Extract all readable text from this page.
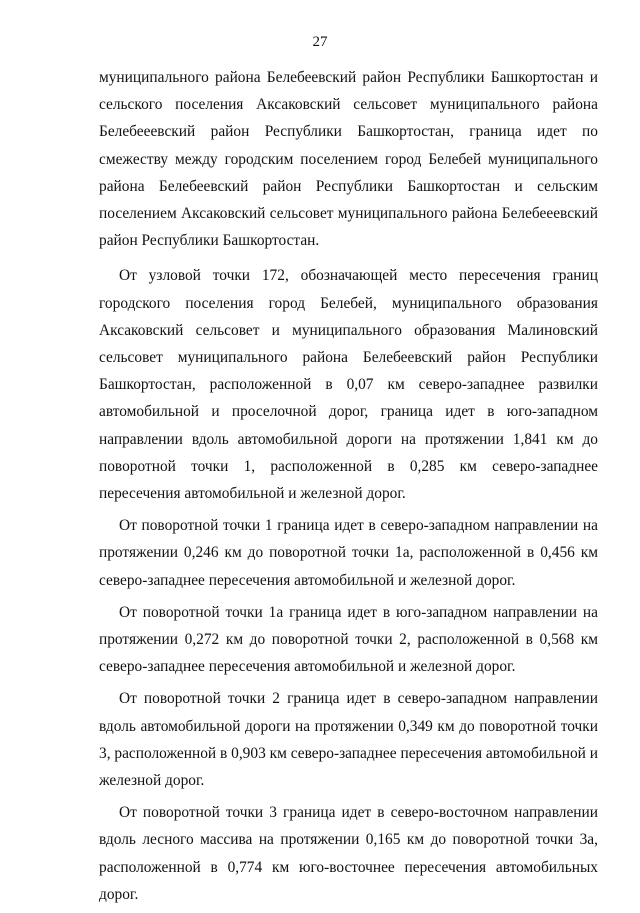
27

муниципального района Белебеевский район Республики Башкортостан и сельского поселения Аксаковский сельсовет муниципального района Белебееевский район Республики Башкортостан, граница идет по смежеству между городским поселением город Белебей муниципального района Белебеевский район Республики Башкортостан и сельским поселением Аксаковский сельсовет муниципального района Белебееевский район Республики Башкортостан.

От узловой точки 172, обозначающей место пересечения границ городского поселения город Белебей, муниципального образования Аксаковский сельсовет и муниципального образования Малиновский сельсовет муниципального района Белебеевский район Республики Башкортостан, расположенной в 0,07 км северо-западнее развилки автомобильной и проселочной дорог, граница идет в юго-западном направлении вдоль автомобильной дороги на протяжении 1,841 км до поворотной точки 1, расположенной в 0,285 км северо-западнее пересечения автомобильной и железной дорог.

От поворотной точки 1 граница идет в северо-западном направлении на протяжении 0,246 км до поворотной точки 1а, расположенной в 0,456 км северо-западнее пересечения автомобильной и железной дорог.

От поворотной точки 1а граница идет в юго-западном направлении на протяжении 0,272 км до поворотной точки 2, расположенной в 0,568 км северо-западнее пересечения автомобильной и железной дорог.

От поворотной точки 2 граница идет в северо-западном направлении вдоль автомобильной дороги на протяжении 0,349 км до поворотной точки 3, расположенной в 0,903 км северо-западнее пересечения автомобильной и железной дорог.

От поворотной точки 3 граница идет в северо-восточном направлении вдоль лесного массива на протяжении 0,165 км до поворотной точки 3а, расположенной в 0,774 км юго-восточнее пересечения автомобильных дорог.
